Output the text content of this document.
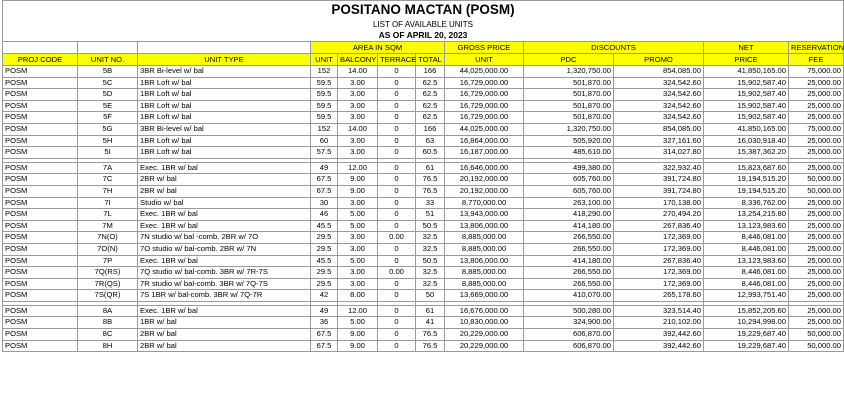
POSITANO MACTAN (POSM)											
LIST OF AVAILABLE UNITS											
AS OF APRIL 20, 2023											
			AREA IN SQM				GROSS PRICE	DISCOUNTS		NET	RESERVATION
PROJ CODE	UNIT NO.	UNIT TYPE	UNIT	BALCONY	TERRACE	TOTAL	UNIT	PDC	PROMO	PRICE	FEE
POSM	5B	3BR Bi-level w/ bal	152	14.00	0	166	44,025,000.00	1,320,750.00	854,085.00	41,850,165.00	75,000.00
POSM	5C	1BR Loft w/ bal	59.5	3.00	0	62.5	16,729,000.00	501,870.00	324,542.60	15,902,587.40	25,000.00
POSM	5D	1BR Loft w/ bal	59.5	3.00	0	62.5	16,729,000.00	501,870.00	324,542.60	15,902,587.40	25,000.00
POSM	5E	1BR Loft w/ bal	59.5	3.00	0	62.5	16,729,000.00	501,870.00	324,542.60	15,902,587.40	25,000.00
POSM	5F	1BR Loft w/ bal	59.5	3.00	0	62.5	16,729,000.00	501,870.00	324,542.60	15,902,587.40	25,000.00
POSM	5G	3BR Bi-level w/ bal	152	14.00	0	166	44,025,000.00	1,320,750.00	854,085.00	41,850,165.00	75,000.00
POSM	5H	1BR Loft w/ bal	60	3.00	0	63	16,864,000.00	505,920.00	327,161.60	16,030,918.40	25,000.00
POSM	5I	1BR Loft w/ bal	57.5	3.00	0	60.5	16,187,000.00	485,610.00	314,027.80	15,387,362.20	25,000.00

POSM	7A	Exec. 1BR w/ bal	49	12.00	0	61	16,646,000.00	499,380.00	322,932.40	15,823,687.60	25,000.00
POSM	7C	2BR w/ bal	67.5	9.00	0	76.5	20,192,000.00	605,760.00	391,724.80	19,194,515.20	50,000.00
POSM	7H	2BR w/ bal	67.5	9.00	0	76.5	20,192,000.00	605,760.00	391,724.80	19,194,515.20	50,000.00
POSM	7I	Studio w/ bal	30	3.00	0	33	8,770,000.00	263,100.00	170,138.00	8,336,762.00	25,000.00
POSM	7L	Exec. 1BR w/ bal	46	5.00	0	51	13,943,000.00	418,290.00	270,494.20	13,254,215.80	25,000.00
POSM	7M	Exec. 1BR w/ bal	45.5	5.00	0	50.5	13,806,000.00	414,180.00	267,836.40	13,123,983.60	25,000.00
POSM	7N(O)	7N studio w/ bal -comb. 2BR w/ 7O	29.5	3.00	0.00	32.5	8,885,000.00	266,550.00	172,369.00	8,446,081.00	25,000.00
POSM	7O(N)	7O studio w/ bal-comb. 2BR w/ 7N	29.5	3.00	0	32.5	8,885,000.00	266,550.00	172,369.00	8,446,081.00	25,000.00
POSM	7P	Exec. 1BR w/ bal	45.5	5.00	0	50.5	13,806,000.00	414,180.00	267,836.40	13,123,983.60	25,000.00
POSM	7Q(RS)	7Q studio w/ bal-comb. 3BR w/ 7R-7S	29.5	3.00	0.00	32.5	8,885,000.00	266,550.00	172,369.00	8,446,081.00	25,000.00
POSM	7R(QS)	7R studio w/ bal-comb. 3BR w/ 7Q-7S	29.5	3.00	0	32.5	8,885,000.00	266,550.00	172,369.00	8,446,081.00	25,000.00
POSM	7S(QR)	7S 1BR w/ bal-comb. 3BR w/ 7Q-7R	42	8.00	0	50	13,669,000.00	410,070.00	265,178.60	12,993,751.40	25,000.00

POSM	8A	Exec. 1BR w/ bal	49	12.00	0	61	16,676,000.00	500,280.00	323,514.40	15,852,205.60	25,000.00
POSM	8B	1BR w/ bal	36	5.00	0	41	10,830,000.00	324,900.00	210,102.00	10,294,998.00	25,000.00
POSM	8C	2BR w/ bal	67.5	9.00	0	76.5	20,229,000.00	606,870.00	392,442.60	19,229,687.40	50,000.00
POSM	8H	2BR w/ bal	67.5	9.00	0	76.5	20,229,000.00	606,870.00	392,442.60	19,229,687.40	50,000.00
